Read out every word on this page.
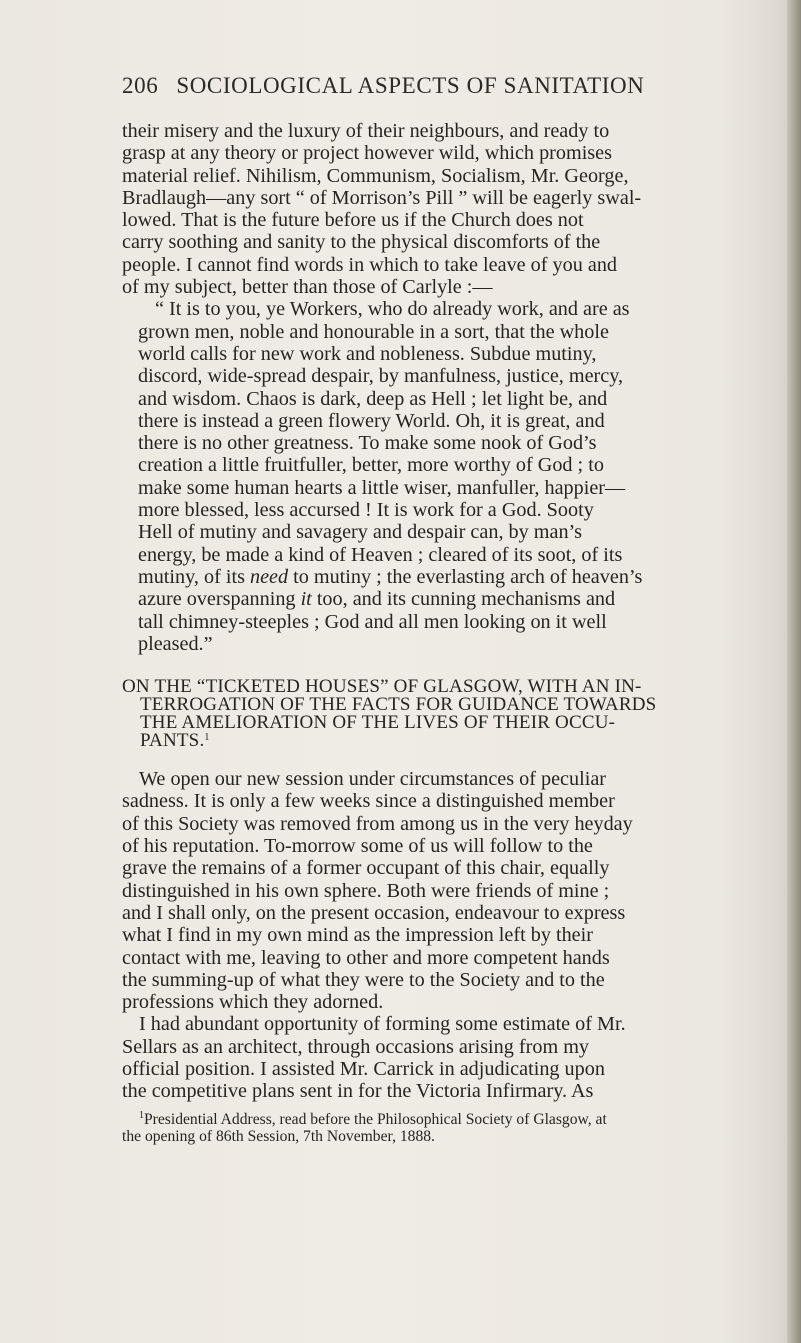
206 SOCIOLOGICAL ASPECTS OF SANITATION
their misery and the luxury of their neighbours, and ready to
grasp at any theory or project however wild, which promises
material relief. Nihilism, Communism, Socialism, Mr. George,
Bradlaugh—any sort “ of Morrison’s Pill ” will be eagerly swal-
lowed. That is the future before us if the Church does not
carry soothing and sanity to the physical discomforts of the
people. I cannot find words in which to take leave of you and
of my subject, better than those of Carlyle :—
“ It is to you, ye Workers, who do already work, and are as
grown men, noble and honourable in a sort, that the whole
world calls for new work and nobleness. Subdue mutiny,
discord, wide-spread despair, by manfulness, justice, mercy,
and wisdom. Chaos is dark, deep as Hell ; let light be, and
there is instead a green flowery World. Oh, it is great, and
there is no other greatness. To make some nook of God’s
creation a little fruitfuller, better, more worthy of God ; to
make some human hearts a little wiser, manfuller, happier—
more blessed, less accursed ! It is work for a God. Sooty
Hell of mutiny and savagery and despair can, by man’s
energy, be made a kind of Heaven ; cleared of its soot, of its
mutiny, of its need to mutiny ; the everlasting arch of heaven’s
azure overspanning it too, and its cunning mechanisms and
tall chimney-steeples ; God and all men looking on it well
pleased.”
ON THE “TICKETED HOUSES” OF GLASGOW, WITH AN IN-
TERROGATION OF THE FACTS FOR GUIDANCE TOWARDS
THE AMELIORATION OF THE LIVES OF THEIR OCCU-
PANTS.$^1$
We open our new session under circumstances of peculiar
sadness. It is only a few weeks since a distinguished member
of this Society was removed from among us in the very heyday
of his reputation. To-morrow some of us will follow to the
grave the remains of a former occupant of this chair, equally
distinguished in his own sphere. Both were friends of mine ;
and I shall only, on the present occasion, endeavour to express
what I find in my own mind as the impression left by their
contact with me, leaving to other and more competent hands
the summing-up of what they were to the Society and to the
professions which they adorned.
I had abundant opportunity of forming some estimate of Mr.
Sellars as an architect, through occasions arising from my
official position. I assisted Mr. Carrick in adjudicating upon
the competitive plans sent in for the Victoria Infirmary. As
$^1$Presidential Address, read before the Philosophical Society of Glasgow, at
the opening of 86th Session, 7th November, 1888.
